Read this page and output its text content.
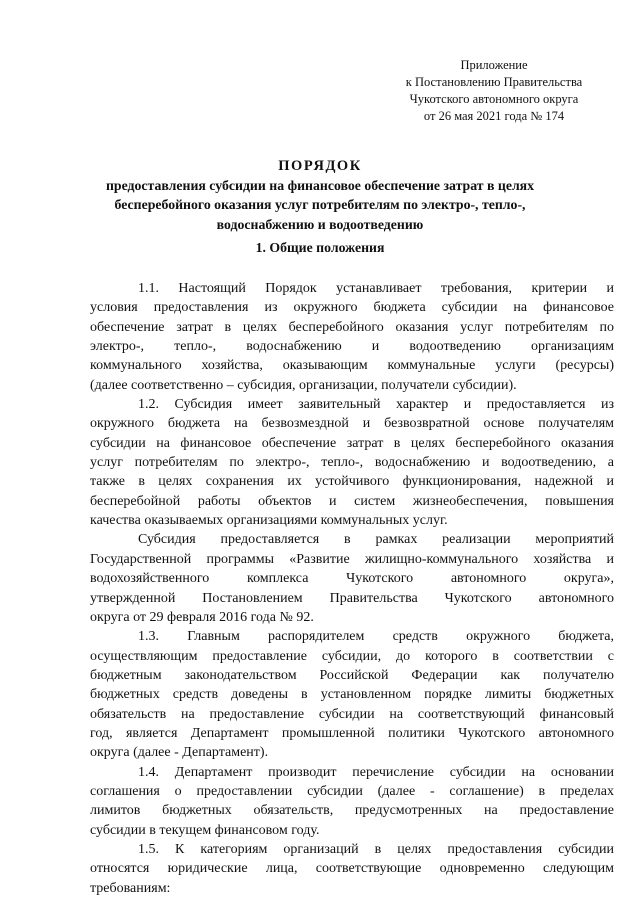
Приложение
к Постановлению Правительства
Чукотского автономного округа
от 26 мая 2021 года № 174
ПОРЯДОК
предоставления субсидии на финансовое обеспечение затрат в целях
бесперебойного оказания услуг потребителям по электро-, тепло-,
водоснабжению и водоотведению
1. Общие положения
1.1. Настоящий Порядок устанавливает требования, критерии и
условия предоставления из окружного бюджета субсидии на финансовое
обеспечение затрат в целях бесперебойного оказания услуг потребителям по
электро-, тепло-, водоснабжению и водоотведению организациям
коммунального хозяйства, оказывающим коммунальные услуги (ресурсы)
(далее соответственно – субсидия, организации, получатели субсидии).
1.2. Субсидия имеет заявительный характер и предоставляется из
окружного бюджета на безвозмездной и безвозвратной основе получателям
субсидии на финансовое обеспечение затрат в целях бесперебойного оказания
услуг потребителям по электро-, тепло-, водоснабжению и водоотведению, а
также в целях сохранения их устойчивого функционирования, надежной и
бесперебойной работы объектов и систем жизнеобеспечения, повышения
качества оказываемых организациями коммунальных услуг.
Субсидия предоставляется в рамках реализации мероприятий
Государственной программы «Развитие жилищно-коммунального хозяйства и
водохозяйственного комплекса Чукотского автономного округа»,
утвержденной Постановлением Правительства Чукотского автономного
округа от 29 февраля 2016 года № 92.
1.3. Главным распорядителем средств окружного бюджета,
осуществляющим предоставление субсидии, до которого в соответствии с
бюджетным законодательством Российской Федерации как получателю
бюджетных средств доведены в установленном порядке лимиты бюджетных
обязательств на предоставление субсидии на соответствующий финансовый
год, является Департамент промышленной политики Чукотского автономного
округа (далее - Департамент).
1.4. Департамент производит перечисление субсидии на основании
соглашения о предоставлении субсидии (далее - соглашение) в пределах
лимитов бюджетных обязательств, предусмотренных на предоставление
субсидии в текущем финансовом году.
1.5. К категориям организаций в целях предоставления субсидии
относятся юридические лица, соответствующие одновременно следующим
требованиям:
